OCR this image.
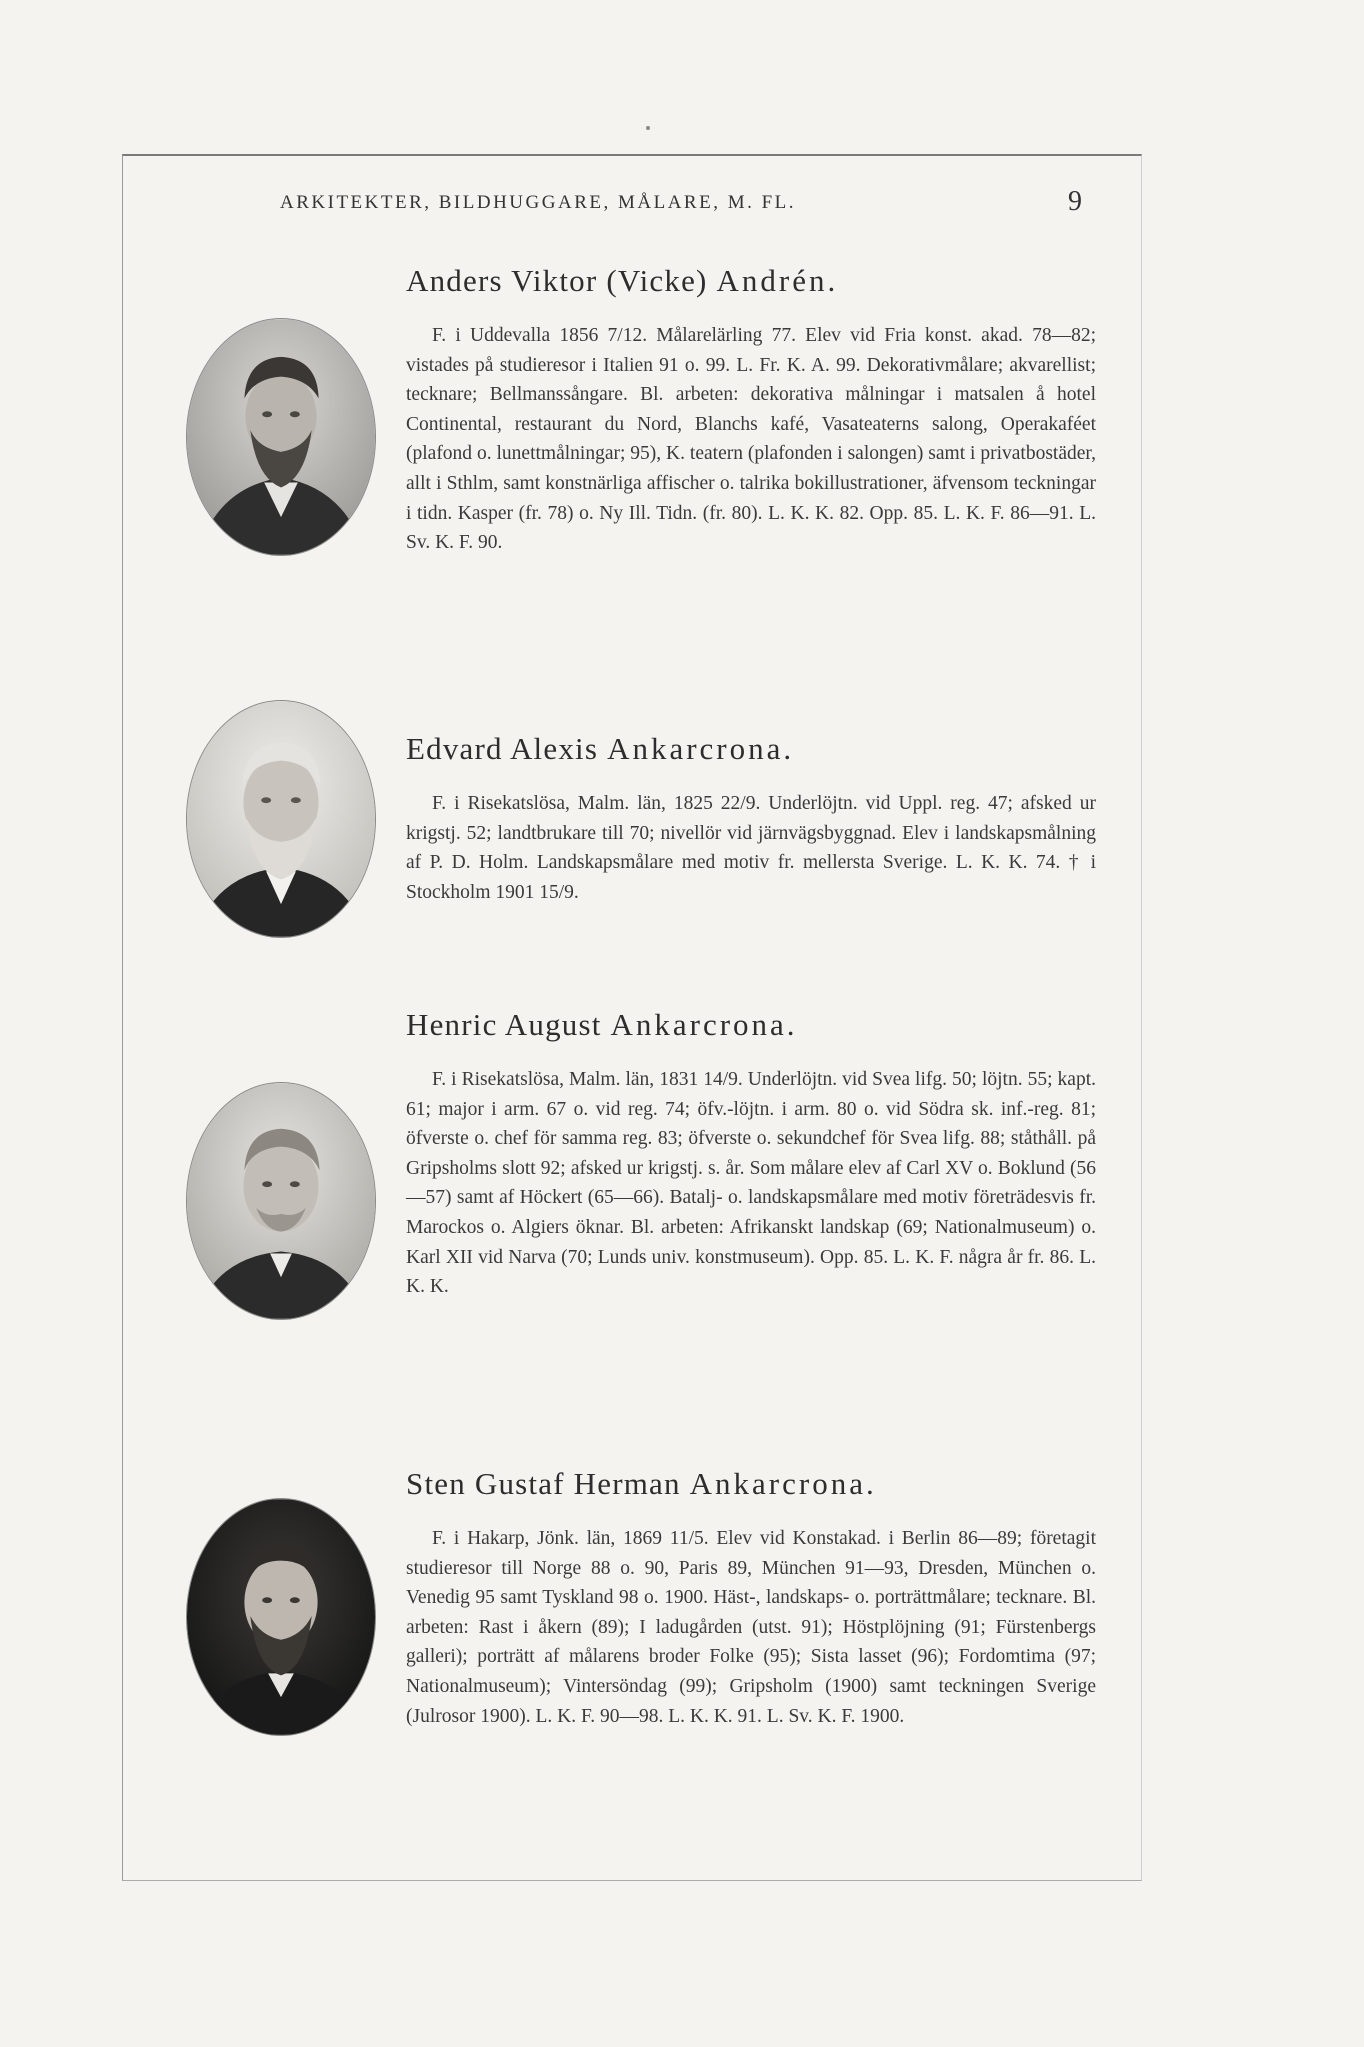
ARKITEKTER, BILDHUGGARE, MÅLARE, M. FL.	9
Anders Viktor (Vicke) Andrén.

F. i Uddevalla 1856 7/12. Målarelärling 77. Elev vid Fria konst. akad. 78—82; vistades på studieresor i Italien 91 o. 99. L. Fr. K. A. 99. Dekorativmålare; akvarellist; tecknare; Bellmanssångare. Bl. arbeten: dekorativa målningar i matsalen å hotel Continental, restaurant du Nord, Blanchs kafé, Vasateaterns salong, Operakaféet (plafond o. lunettmålningar; 95), K. teatern (plafonden i salongen) samt i privatbostäder, allt i Sthlm, samt konstnärliga affischer o. talrika bokillustrationer, äfvensom teckningar i tidn. Kasper (fr. 78) o. Ny Ill. Tidn. (fr. 80). L. K. K. 82. Opp. 85. L. K. F. 86—91. L. Sv. K. F. 90.

Edvard Alexis Ankarcrona.

F. i Risekatslösa, Malm. län, 1825 22/9. Underlöjtn. vid Uppl. reg. 47; afsked ur krigstj. 52; landtbrukare till 70; nivellör vid järnvägsbyggnad. Elev i landskapsmålning af P. D. Holm. Landskapsmålare med motiv fr. mellersta Sverige. L. K. K. 74. † i Stockholm 1901 15/9.

Henric August Ankarcrona.

F. i Risekatslösa, Malm. län, 1831 14/9. Underlöjtn. vid Svea lifg. 50; löjtn. 55; kapt. 61; major i arm. 67 o. vid reg. 74; öfv.-löjtn. i arm. 80 o. vid Södra sk. inf.-reg. 81; öfverste o. chef för samma reg. 83; öfverste o. sekundchef för Svea lifg. 88; ståthåll. på Gripsholms slott 92; afsked ur krigstj. s. år. Som målare elev af Carl XV o. Boklund (56—57) samt af Höckert (65—66). Batalj- o. landskapsmålare med motiv företrädesvis fr. Marockos o. Algiers öknar. Bl. arbeten: Afrikanskt landskap (69; Nationalmuseum) o. Karl XII vid Narva (70; Lunds univ. konstmuseum). Opp. 85. L. K. F. några år fr. 86. L. K. K.

Sten Gustaf Herman Ankarcrona.

F. i Hakarp, Jönk. län, 1869 11/5. Elev vid Konstakad. i Berlin 86—89; företagit studieresor till Norge 88 o. 90, Paris 89, München 91—93, Dresden, München o. Venedig 95 samt Tyskland 98 o. 1900. Häst-, landskaps- o. porträttmålare; tecknare. Bl. arbeten: Rast i åkern (89); I ladugården (utst. 91); Höstplöjning (91; Fürstenbergs galleri); porträtt af målarens broder Folke (95); Sista lasset (96); Fordomtima (97; Nationalmuseum); Vintersöndag (99); Gripsholm (1900) samt teckningen Sverige (Julrosor 1900). L. K. F. 90—98. L. K. K. 91. L. Sv. K. F. 1900.
